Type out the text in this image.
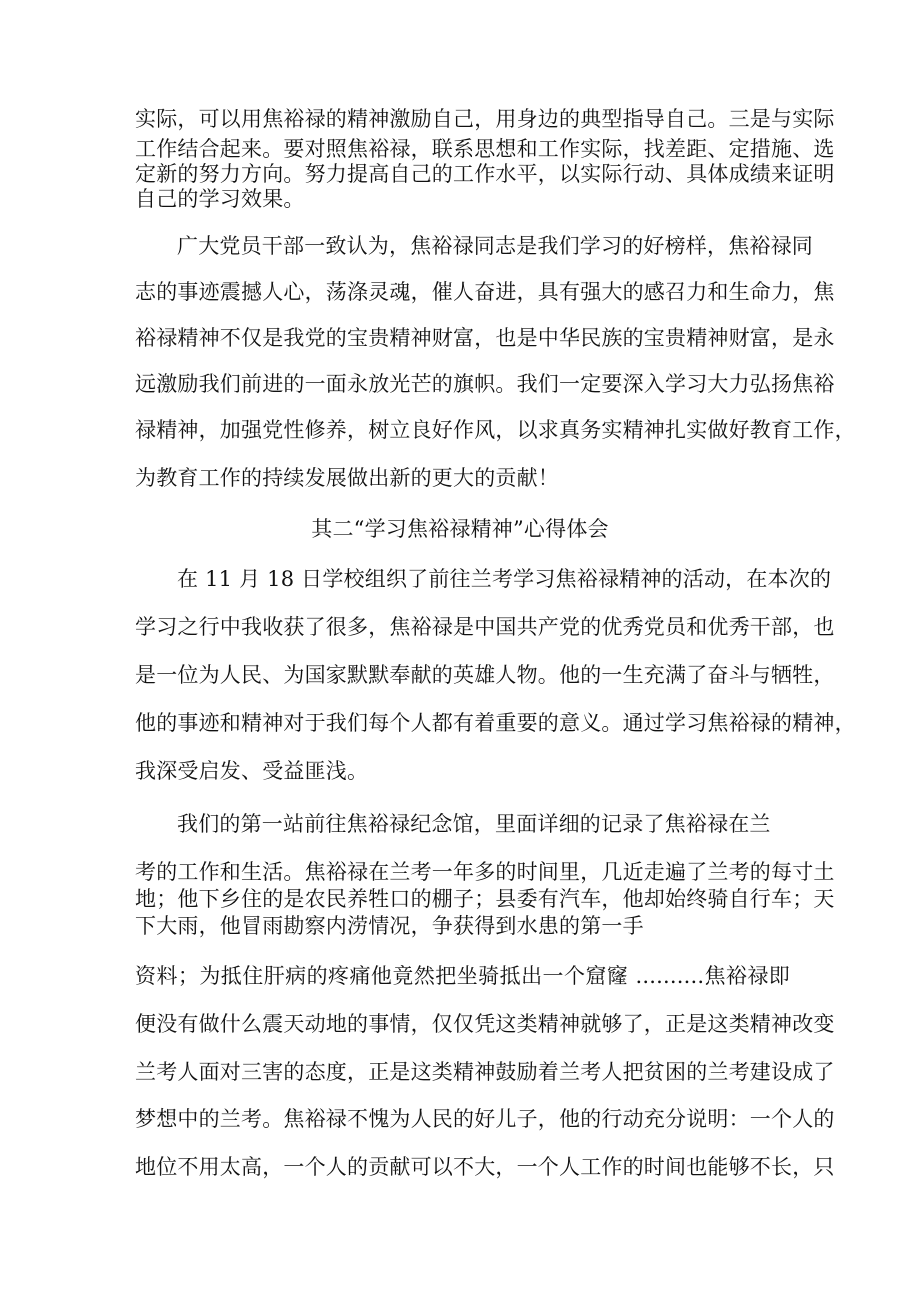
实际，可以用焦裕禄的精神激励自己，用身边的典型指导自己。三是与实际
工作结合起来。要对照焦裕禄，联系思想和工作实际，找差距、定措施、选
定新的努力方向。努力提高自己的工作水平，以实际行动、具体成绩来证明
自己的学习效果。
广大党员干部一致认为，焦裕禄同志是我们学习的好榜样，焦裕禄同
志的事迹震撼人心，荡涤灵魂，催人奋进，具有强大的感召力和生命力，焦
裕禄精神不仅是我党的宝贵精神财富，也是中华民族的宝贵精神财富，是永
远激励我们前进的一面永放光芒的旗帜。我们一定要深入学习大力弘扬焦裕
禄精神，加强党性修养，树立良好作风，以求真务实精神扎实做好教育工作，
为教育工作的持续发展做出新的更大的贡献！
其二“学习焦裕禄精神”心得体会
在 11 月 18 日学校组织了前往兰考学习焦裕禄精神的活动，在本次的
学习之行中我收获了很多，焦裕禄是中国共产党的优秀党员和优秀干部，也
是一位为人民、为国家默默奉献的英雄人物。他的一生充满了奋斗与牺牲，
他的事迹和精神对于我们每个人都有着重要的意义。通过学习焦裕禄的精神，
我深受启发、受益匪浅。
我们的第一站前往焦裕禄纪念馆，里面详细的记录了焦裕禄在兰
考的工作和生活。焦裕禄在兰考一年多的时间里，几近走遍了兰考的每寸土
地；他下乡住的是农民养牲口的棚子；县委有汽车，他却始终骑自行车；天
下大雨，他冒雨勘察内涝情况，争获得到水患的第一手
资料；为抵住肝病的疼痛他竟然把坐骑抵出一个窟窿 ..........焦裕禄即
便没有做什么震天动地的事情，仅仅凭这类精神就够了，正是这类精神改变
兰考人面对三害的态度，正是这类精神鼓励着兰考人把贫困的兰考建设成了
梦想中的兰考。焦裕禄不愧为人民的好儿子，他的行动充分说明：一个人的
地位不用太高，一个人的贡献可以不大，一个人工作的时间也能够不长，只
